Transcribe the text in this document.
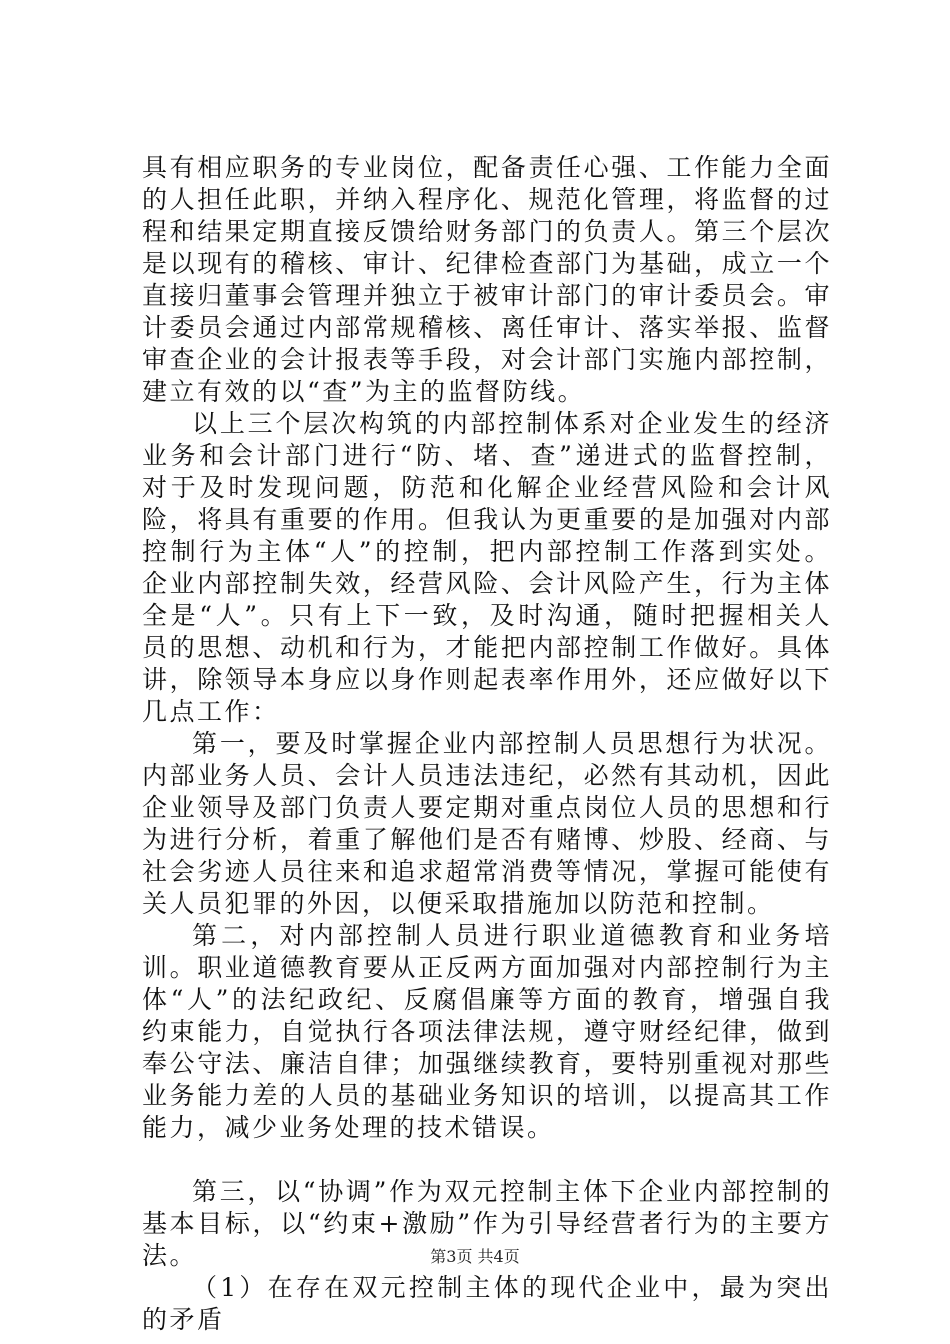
具有相应职务的专业岗位，配备责任心强、工作能力全面的人担任此职，并纳入程序化、规范化管理，将监督的过程和结果定期直接反馈给财务部门的负责人。第三个层次是以现有的稽核、审计、纪律检查部门为基础，成立一个直接归董事会管理并独立于被审计部门的审计委员会。审计委员会通过内部常规稽核、离任审计、落实举报、监督审查企业的会计报表等手段，对会计部门实施内部控制，建立有效的以“查”为主的监督防线。

以上三个层次构筑的内部控制体系对企业发生的经济业务和会计部门进行“防、堵、查”递进式的监督控制，对于及时发现问题，防范和化解企业经营风险和会计风险，将具有重要的作用。但我认为更重要的是加强对内部控制行为主体“人”的控制，把内部控制工作落到实处。企业内部控制失效，经营风险、会计风险产生，行为主体全是“人”。只有上下一致，及时沟通，随时把握相关人员的思想、动机和行为，才能把内部控制工作做好。具体讲，除领导本身应以身作则起表率作用外，还应做好以下几点工作：

第一，要及时掌握企业内部控制人员思想行为状况。内部业务人员、会计人员违法违纪，必然有其动机，因此企业领导及部门负责人要定期对重点岗位人员的思想和行为进行分析，着重了解他们是否有赌博、炒股、经商、与社会劣迹人员往来和追求超常消费等情况，掌握可能使有关人员犯罪的外因，以便采取措施加以防范和控制。

第二，对内部控制人员进行职业道德教育和业务培训。职业道德教育要从正反两方面加强对内部控制行为主体“人”的法纪政纪、反腐倡廉等方面的教育，增强自我约束能力，自觉执行各项法律法规，遵守财经纪律，做到奉公守法、廉洁自律；加强继续教育，要特别重视对那些业务能力差的人员的基础业务知识的培训，以提高其工作能力，减少业务处理的技术错误。

第三，以“协调”作为双元控制主体下企业内部控制的基本目标，以“约束+激励”作为引导经营者行为的主要方法。

（1）在存在双元控制主体的现代企业中，最为突出的矛盾

第3页 共4页
